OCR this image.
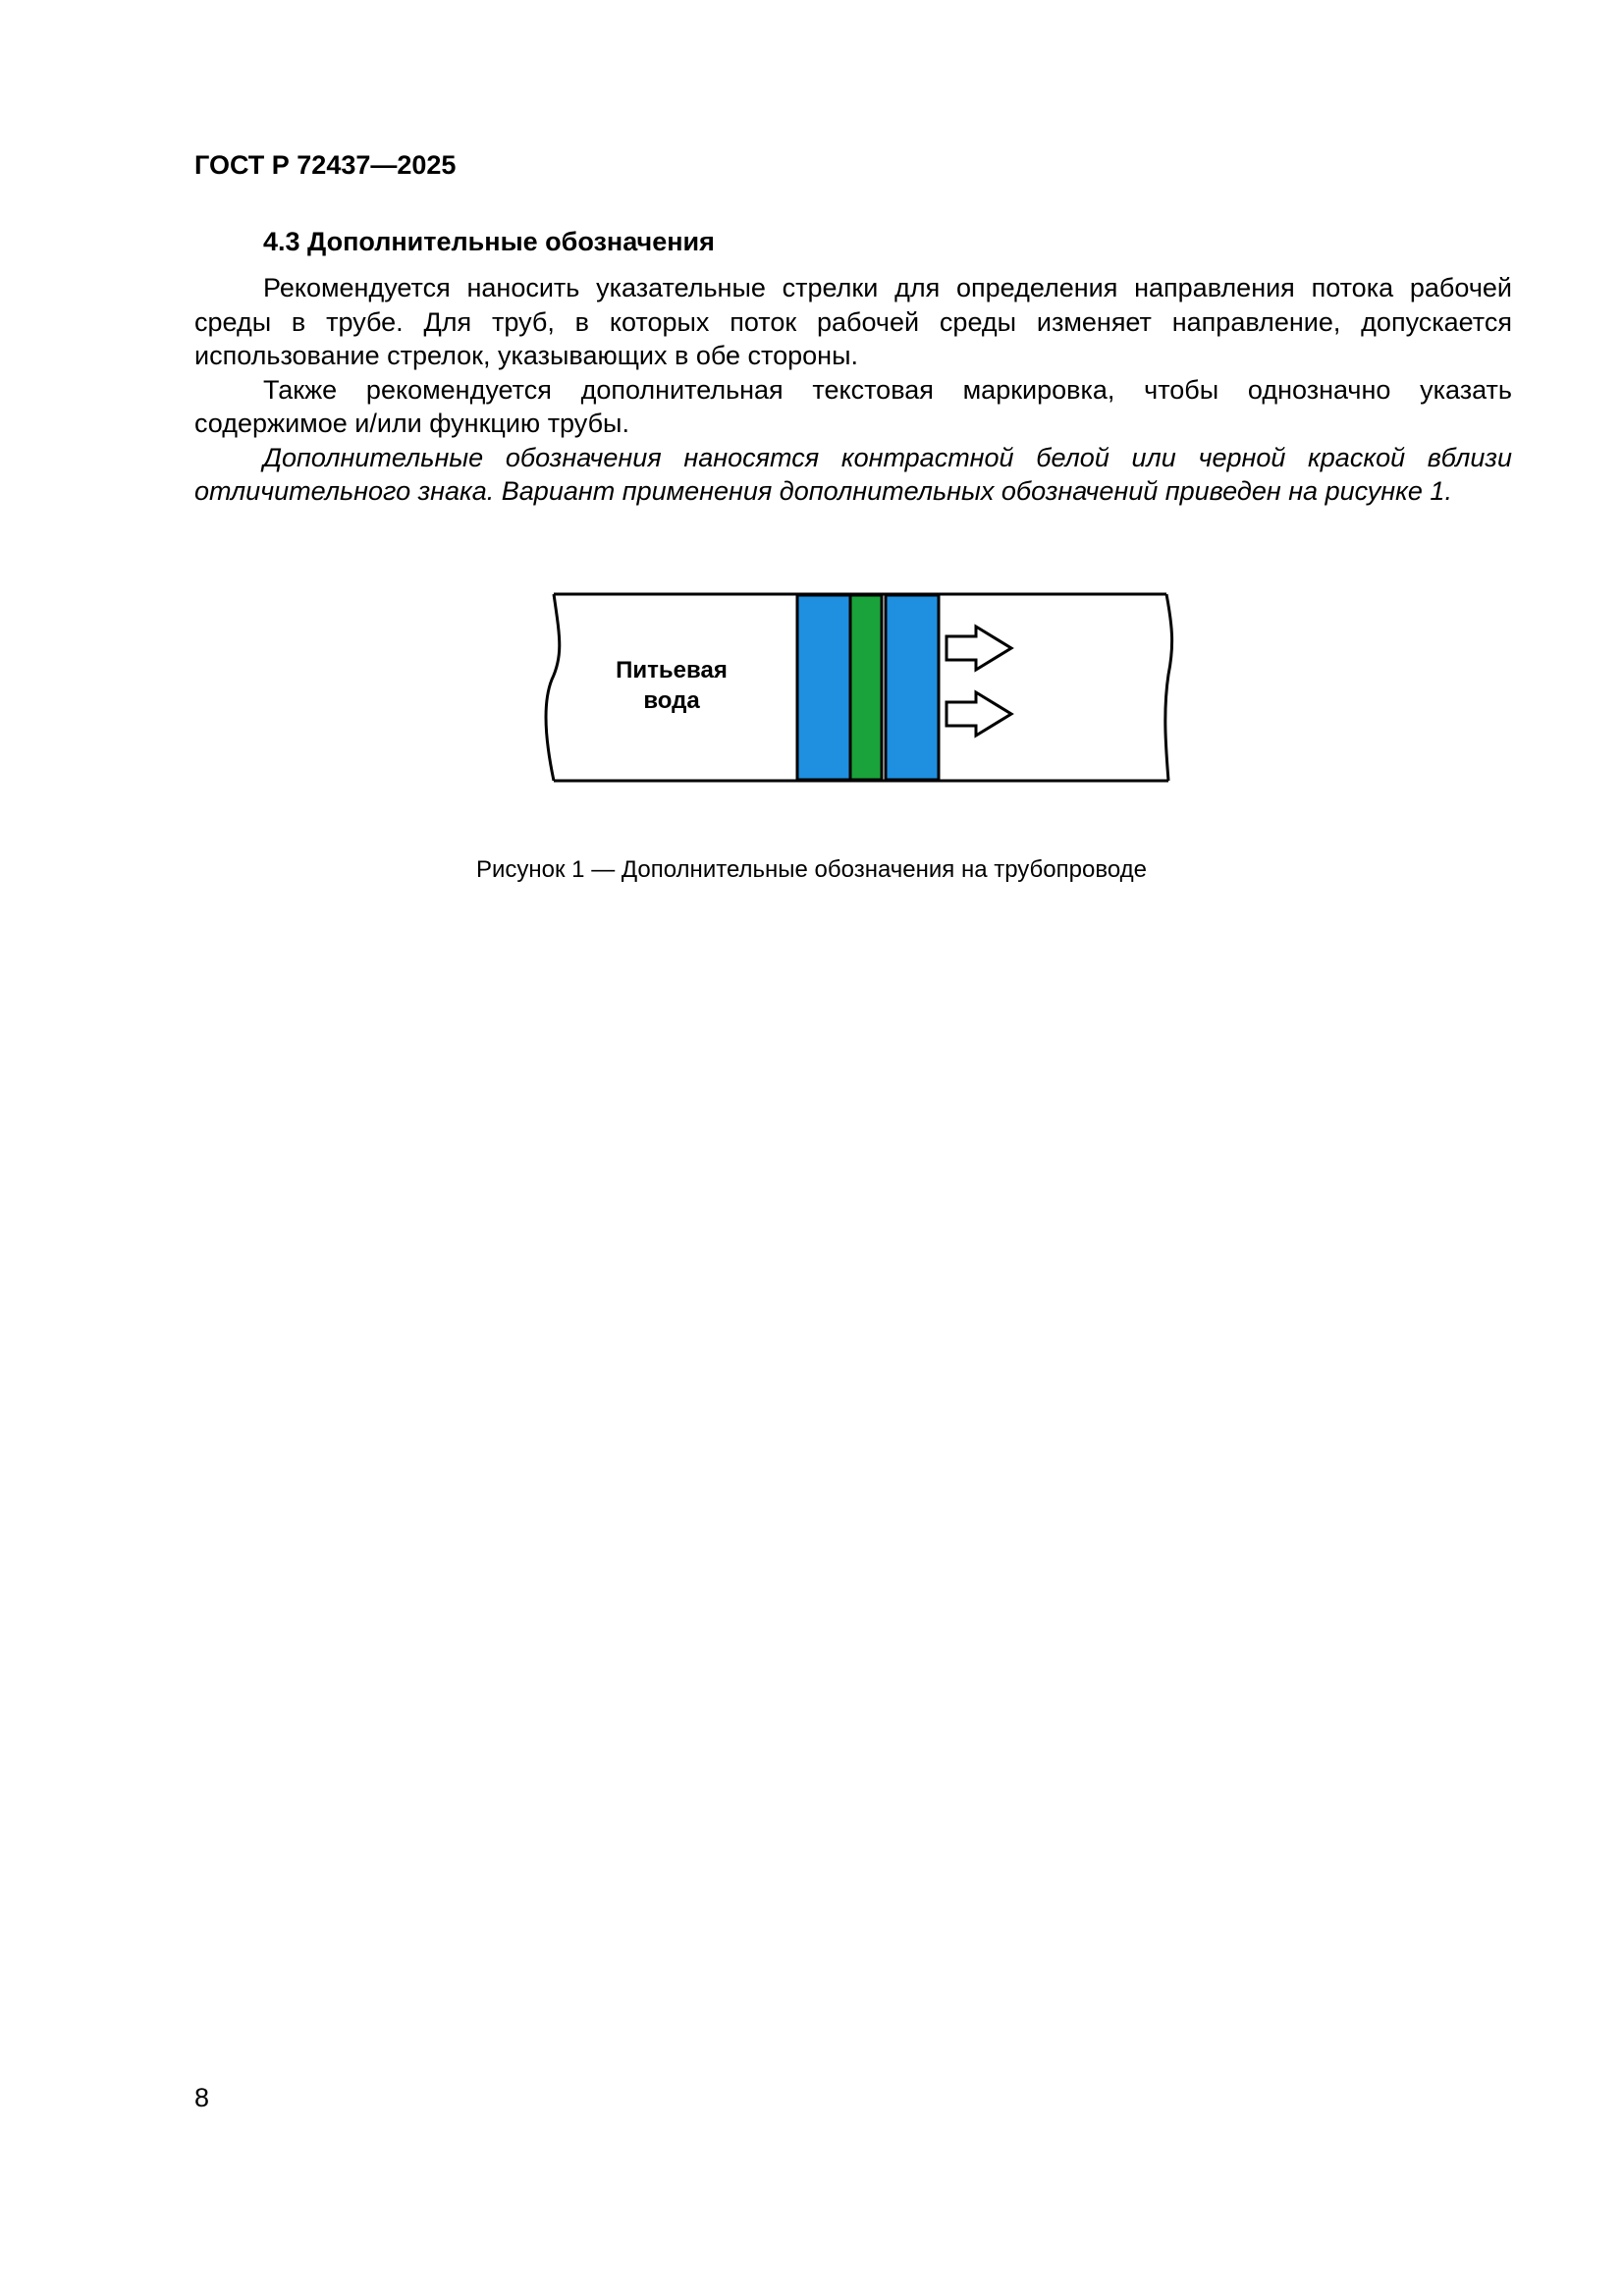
ГОСТ Р 72437—2025
4.3 Дополнительные обозначения

Рекомендуется наносить указательные стрелки для определения направления потока рабочей среды в трубе. Для труб, в которых поток рабочей среды изменяет направление, допускается использование стрелок, указывающих в обе стороны.

Также рекомендуется дополнительная текстовая маркировка, чтобы однозначно указать содержимое и/или функцию трубы.

Дополнительные обозначения наносятся контрастной белой или черной краской вблизи отличительного знака. Вариант применения дополнительных обозначений приведен на рисунке 1.

Питьевая
вода
Рисунок 1 — Дополнительные обозначения на трубопроводе
8
